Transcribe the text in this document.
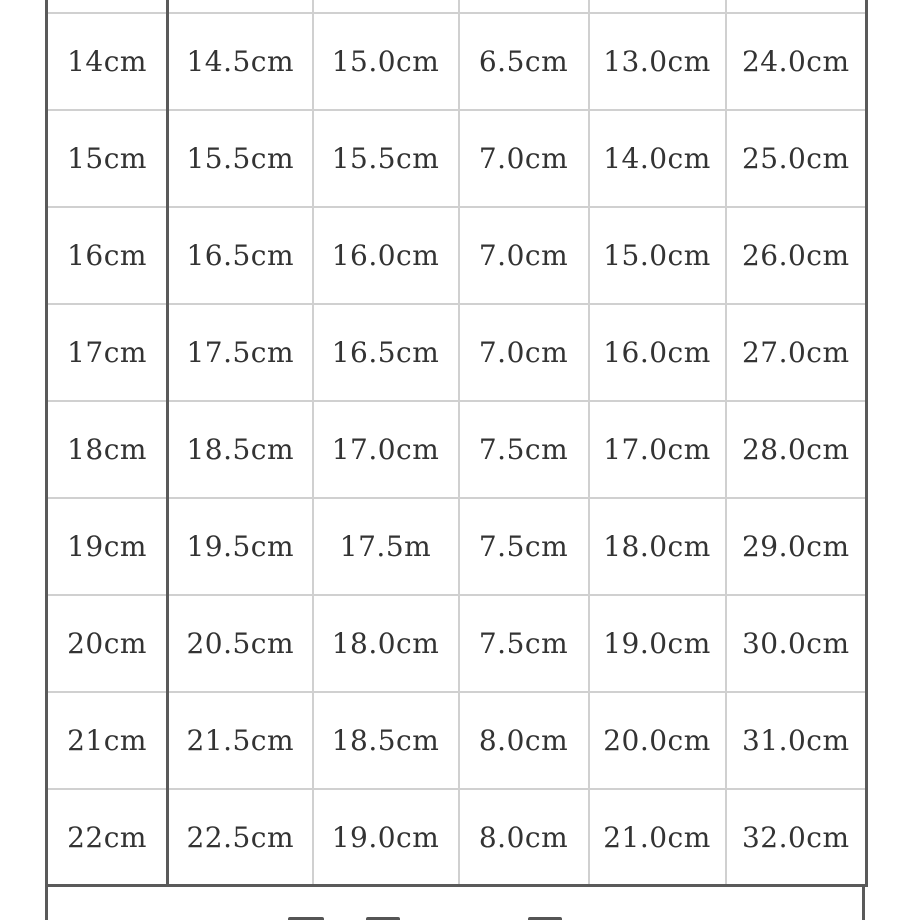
14cm	14.5cm	15.0cm	6.5cm	13.0cm	24.0cm
15cm	15.5cm	15.5cm	7.0cm	14.0cm	25.0cm
16cm	16.5cm	16.0cm	7.0cm	15.0cm	26.0cm
17cm	17.5cm	16.5cm	7.0cm	16.0cm	27.0cm
18cm	18.5cm	17.0cm	7.5cm	17.0cm	28.0cm
19cm	19.5cm	17.5m	7.5cm	18.0cm	29.0cm
20cm	20.5cm	18.0cm	7.5cm	19.0cm	30.0cm
21cm	21.5cm	18.5cm	8.0cm	20.0cm	31.0cm
22cm	22.5cm	19.0cm	8.0cm	21.0cm	32.0cm
